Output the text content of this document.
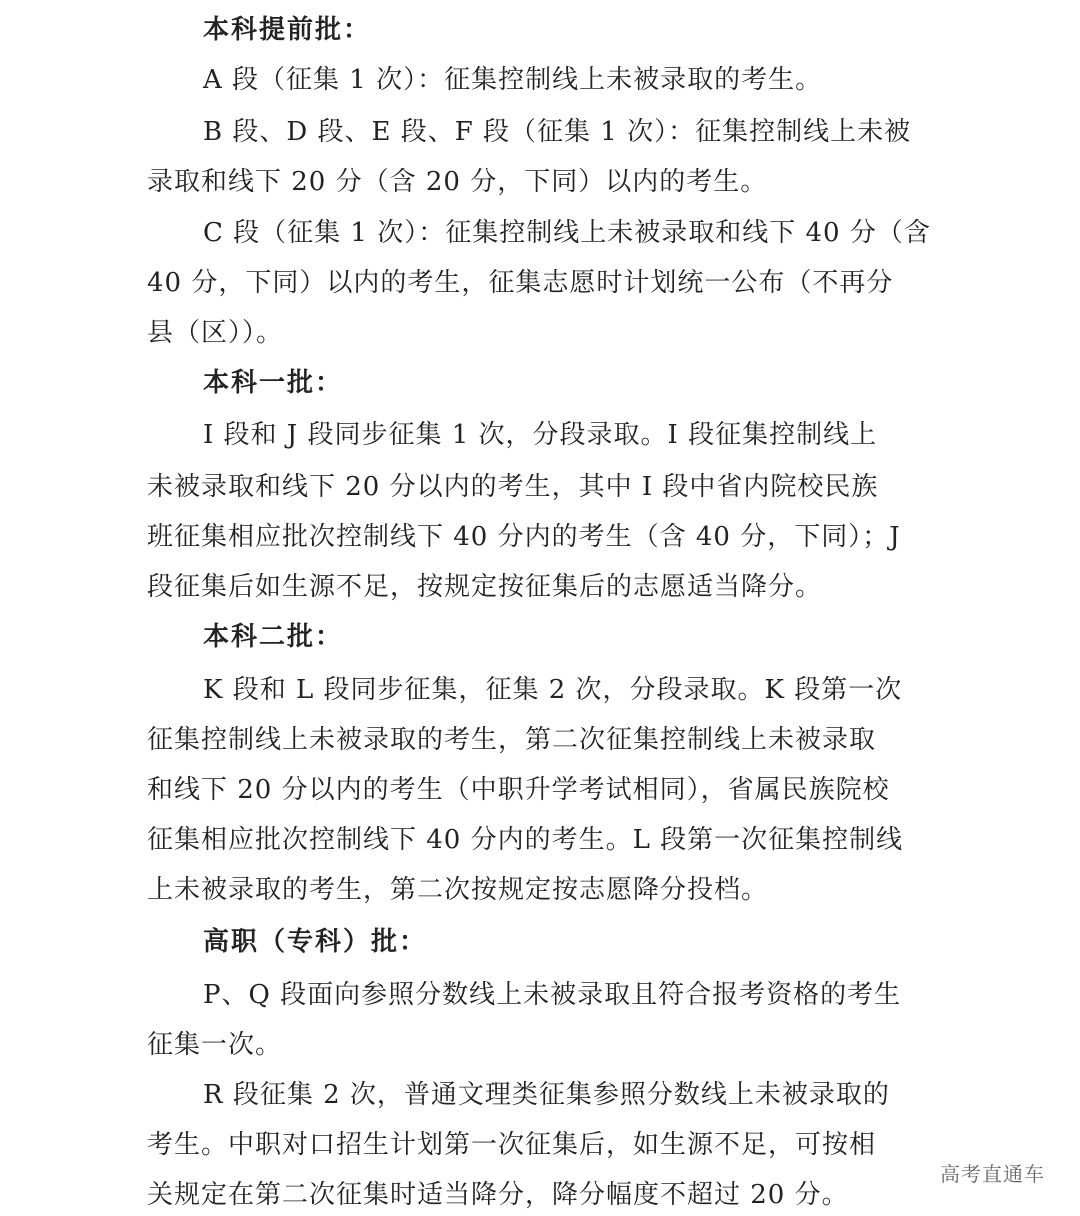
本科提前批：
A 段（征集 1 次）：征集控制线上未被录取的考生。
B 段、D 段、E 段、F 段（征集 1 次）：征集控制线上未被
录取和线下 20 分（含 20 分，下同）以内的考生。
C 段（征集 1 次）：征集控制线上未被录取和线下 40 分（含
40 分，下同）以内的考生，征集志愿时计划统一公布（不再分
县（区））。
本科一批：
I 段和 J 段同步征集 1 次，分段录取。I 段征集控制线上
未被录取和线下 20 分以内的考生，其中 I 段中省内院校民族
班征集相应批次控制线下 40 分内的考生（含 40 分，下同）；J
段征集后如生源不足，按规定按征集后的志愿适当降分。
本科二批：
K 段和 L 段同步征集，征集 2 次，分段录取。K 段第一次
征集控制线上未被录取的考生，第二次征集控制线上未被录取
和线下 20 分以内的考生（中职升学考试相同），省属民族院校
征集相应批次控制线下 40 分内的考生。L 段第一次征集控制线
上未被录取的考生，第二次按规定按志愿降分投档。
高职（专科）批：
P、Q 段面向参照分数线上未被录取且符合报考资格的考生
征集一次。
R 段征集 2 次，普通文理类征集参照分数线上未被录取的
考生。中职对口招生计划第一次征集后，如生源不足，可按相
关规定在第二次征集时适当降分，降分幅度不超过 20 分。
高考直通车
